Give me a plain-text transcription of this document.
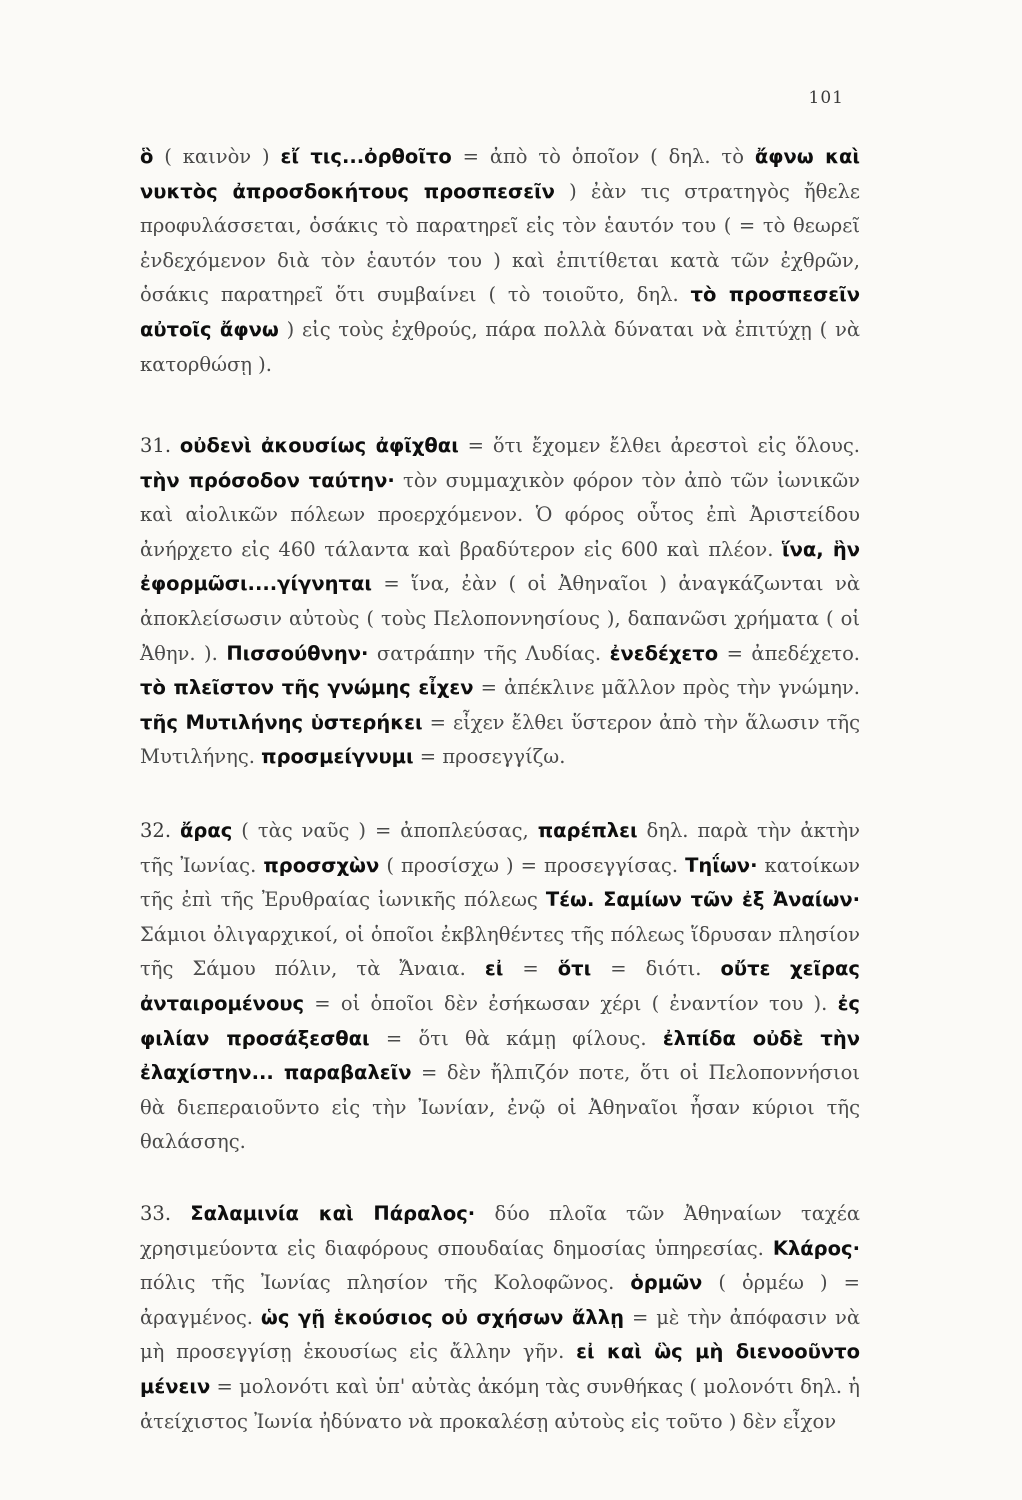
101

ὃ ( καινὸν ) εἴ τις...ὀρθοῖτο = ἀπὸ τὸ ὁποῖον ( δηλ. τὸ ἄφνω καὶ νυκτὸς ἀπροσδοκήτους προσπεσεῖν ) ἐὰν τις στρατηγὸς ἤθελε προφυλάσσεται, ὁσάκις τὸ παρατηρεῖ εἰς τὸν ἑαυτόν του ( = τὸ θεωρεῖ ἐνδεχόμενον διὰ τὸν ἑαυτόν του ) καὶ ἐπιτίθεται κατὰ τῶν ἐχθρῶν, ὁσάκις παρατηρεῖ ὅτι συμβαίνει ( τὸ τοιοῦτο, δηλ. τὸ προσπεσεῖν αὐτοῖς ἄφνω ) εἰς τοὺς ἐχθρούς, πάρα πολλὰ δύναται νὰ ἐπιτύχῃ ( νὰ κατορθώσῃ ).

31. οὐδενὶ ἀκουσίως ἀφῖχθαι = ὅτι ἔχομεν ἔλθει ἀρεστοὶ εἰς ὅλους. τὴν πρόσοδον ταύτην· τὸν συμμαχικὸν φόρον τὸν ἀπὸ τῶν ἰωνικῶν καὶ αἰολικῶν πόλεων προερχόμενον. Ὁ φόρος οὗτος ἐπὶ Ἀριστείδου ἀνήρχετο εἰς 460 τάλαντα καὶ βραδύτερον εἰς 600 καὶ πλέον. ἵνα, ἣν ἐφορμῶσι....γίγνηται = ἵνα, ἐὰν ( οἱ Ἀθηναῖοι ) ἀναγκάζωνται νὰ ἀποκλείσωσιν αὐτοὺς ( τοὺς Πελοποννησίους ), δαπανῶσι χρήματα ( οἱ Ἀθην. ). Πισσούθνην· σατράπην τῆς Λυδίας. ἐνεδέχετο = ἀπεδέχετο. τὸ πλεῖστον τῆς γνώμης εἶχεν = ἀπέκλινε μᾶλλον πρὸς τὴν γνώμην. τῆς Μυτιλήνης ὑστερήκει = εἶχεν ἔλθει ὕστερον ἀπὸ τὴν ἅλωσιν τῆς Μυτιλήνης. προσμείγνυμι = προσεγγίζω.

32. ἄρας ( τὰς ναῦς ) = ἀποπλεύσας, παρέπλει δηλ. παρὰ τὴν ἀκτὴν τῆς Ἰωνίας. προσσχὼν ( προσίσχω ) = προσεγγίσας. Τηΐων· κατοίκων τῆς ἐπὶ τῆς Ἐρυθραίας ἰωνικῆς πόλεως Τέω. Σαμίων τῶν ἐξ Ἀναίων· Σάμιοι ὀλιγαρχικοί, οἱ ὁποῖοι ἐκβληθέντες τῆς πόλεως ἵδρυσαν πλησίον τῆς Σάμου πόλιν, τὰ Ἄναια. εἰ = ὅτι = διότι. οὔτε χεῖρας ἀνταιρομένους = οἱ ὁποῖοι δὲν ἐσήκωσαν χέρι ( ἐναντίον του ). ἐς φιλίαν προσάξεσθαι = ὅτι θὰ κάμῃ φίλους. ἐλπίδα οὐδὲ τὴν ἐλαχίστην... παραβαλεῖν = δὲν ἤλπιζόν ποτε, ὅτι οἱ Πελοποννήσιοι θὰ διεπεραιοῦντο εἰς τὴν Ἰωνίαν, ἐνῷ οἱ Ἀθηναῖοι ἦσαν κύριοι τῆς θαλάσσης.

33. Σαλαμινία καὶ Πάραλος· δύο πλοῖα τῶν Ἀθηναίων ταχέα χρησιμεύοντα εἰς διαφόρους σπουδαίας δημοσίας ὑπηρεσίας. Κλάρος· πόλις τῆς Ἰωνίας πλησίον τῆς Κολοφῶνος. ὁρμῶν ( ὁρμέω ) = ἀραγμένος. ὡς γῇ ἑκούσιος οὐ σχήσων ἄλλῃ = μὲ τὴν ἀπόφασιν νὰ μὴ προσεγγίσῃ ἑκουσίως εἰς ἄλλην γῆν. εἰ καὶ ὣς μὴ διενοοῦντο μένειν = μολονότι καὶ ὑπ' αὐτὰς ἀκόμη τὰς συνθήκας ( μολονότι δηλ. ἡ ἀτείχιστος Ἰωνία ἠδύνατο νὰ προκαλέσῃ αὐτοὺς εἰς τοῦτο ) δὲν εἶχον
